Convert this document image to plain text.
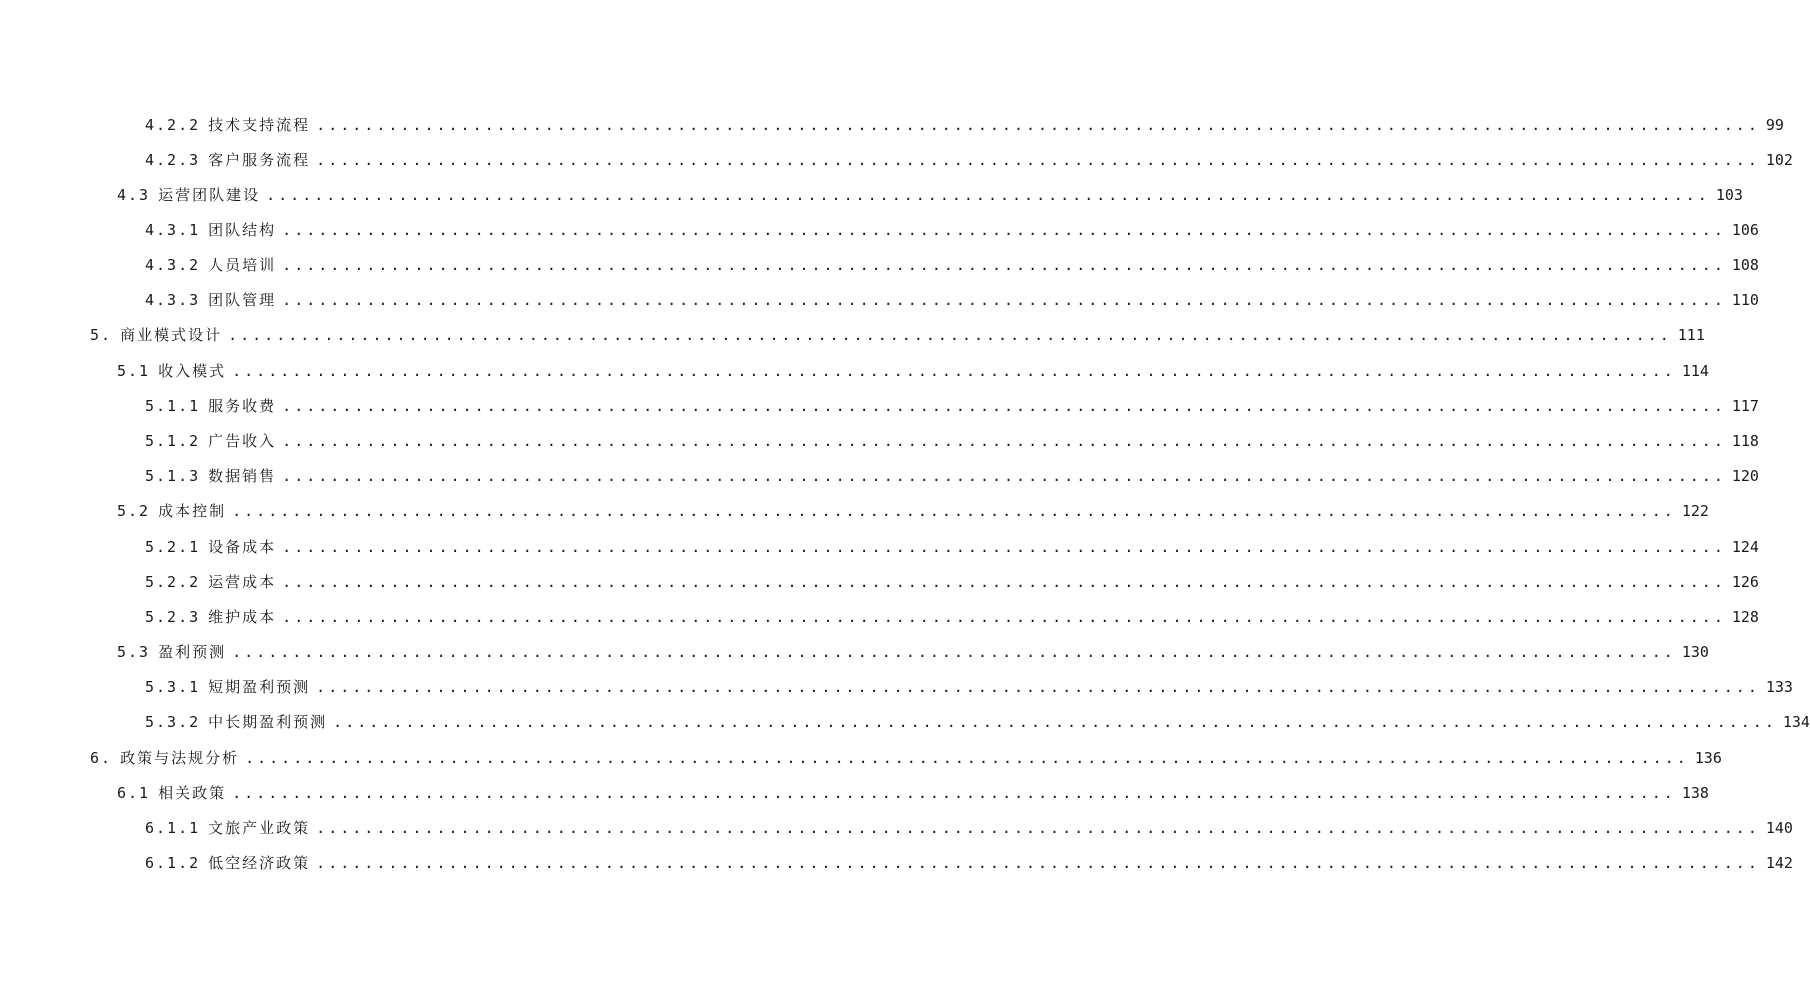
4.2.2 技术支持流程 ........................................................................................................................ 99
4.2.3 客户服务流程 ........................................................................................................................ 102
4.3 运营团队建设 ........................................................................................................................ 103
4.3.1 团队结构 ........................................................................................................................ 106
4.3.2 人员培训 ........................................................................................................................ 108
4.3.3 团队管理 ........................................................................................................................ 110
5. 商业模式设计 ........................................................................................................................ 111
5.1 收入模式 ........................................................................................................................ 114
5.1.1 服务收费 ........................................................................................................................ 117
5.1.2 广告收入 ........................................................................................................................ 118
5.1.3 数据销售 ........................................................................................................................ 120
5.2 成本控制 ........................................................................................................................ 122
5.2.1 设备成本 ........................................................................................................................ 124
5.2.2 运营成本 ........................................................................................................................ 126
5.2.3 维护成本 ........................................................................................................................ 128
5.3 盈利预测 ........................................................................................................................ 130
5.3.1 短期盈利预测 ........................................................................................................................ 133
5.3.2 中长期盈利预测 ........................................................................................................................ 134
6. 政策与法规分析 ........................................................................................................................ 136
6.1 相关政策 ........................................................................................................................ 138
6.1.1 文旅产业政策 ........................................................................................................................ 140
6.1.2 低空经济政策 ........................................................................................................................ 142
